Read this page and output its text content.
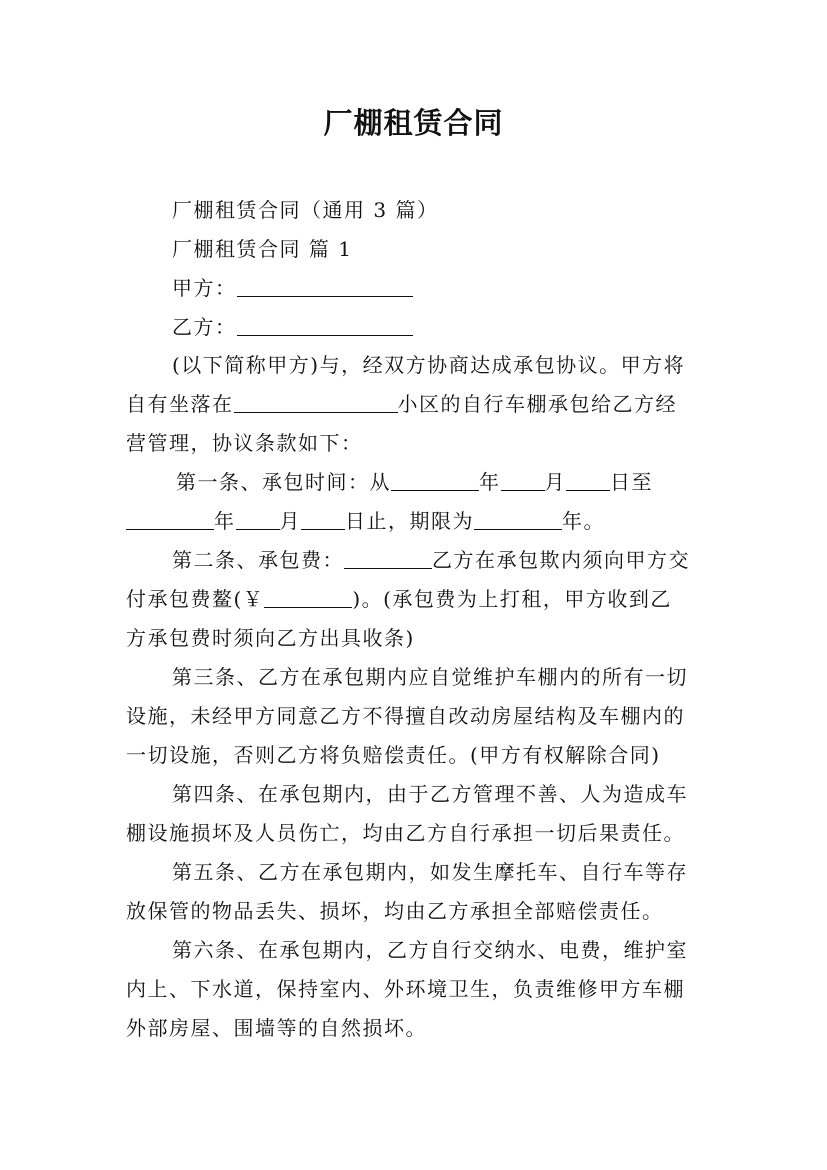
厂棚租赁合同
厂棚租赁合同（通用 3 篇）
厂棚租赁合同 篇 1
甲方：
乙方：
(以下简称甲方)与，经双方协商达成承包协议。甲方将
自有坐落在	小区的自行车棚承包给乙方经
营管理，协议条款如下：
第一条、承包时间：从	年 月 日至
年 月 日止，期限为	年。
第二条、承包费：	乙方在承包欺内须向甲方交
付承包费鳌(￥	)。(承包费为上打租，甲方收到乙
方承包费时须向乙方出具收条)
第三条、乙方在承包期内应自觉维护车棚内的所有一切
设施，未经甲方同意乙方不得擅自改动房屋结构及车棚内的
一切设施，否则乙方将负赔偿责任。(甲方有权解除合同)
第四条、在承包期内，由于乙方管理不善、人为造成车
棚设施损坏及人员伤亡，均由乙方自行承担一切后果责任。
第五条、乙方在承包期内，如发生摩托车、自行车等存
放保管的物品丢失、损坏，均由乙方承担全部赔偿责任。
第六条、在承包期内，乙方自行交纳水、电费，维护室
内上、下水道，保持室内、外环境卫生，负责维修甲方车棚
外部房屋、围墙等的自然损坏。
